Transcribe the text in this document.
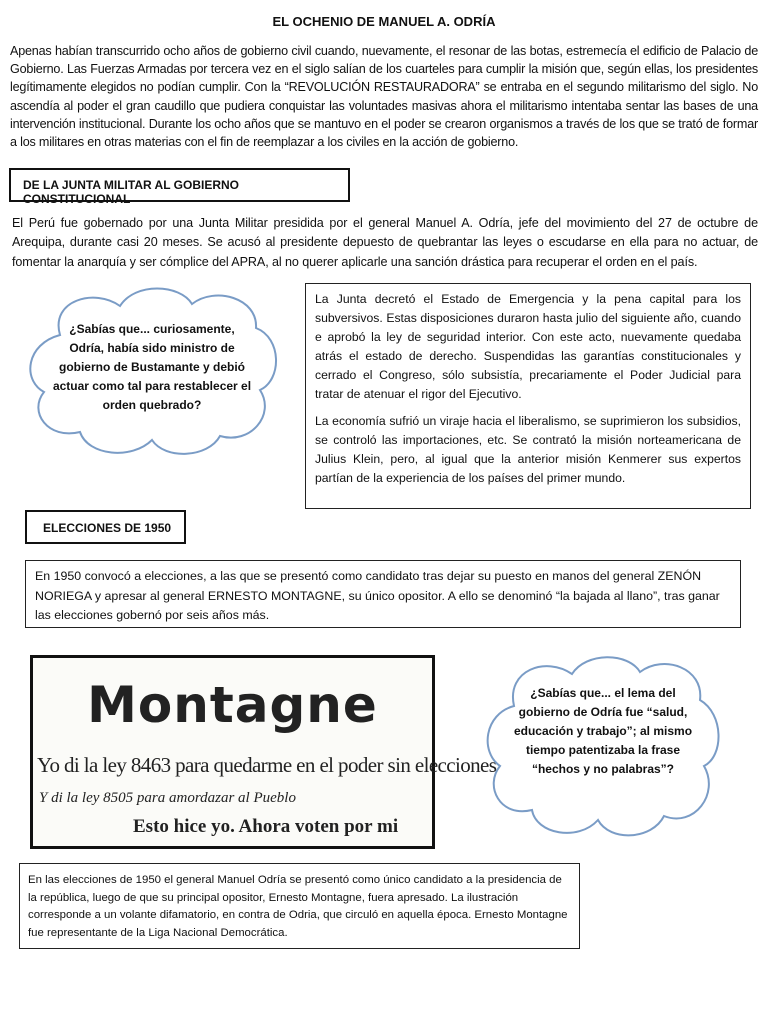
EL OCHENIO DE MANUEL A. ODRÍA
Apenas habían transcurrido ocho años de gobierno civil cuando, nuevamente, el resonar de las botas, estremecía el edificio de Palacio de Gobierno. Las Fuerzas Armadas por tercera vez en el siglo salían de los cuarteles para cumplir la misión que, según ellas, los presidentes legítimamente elegidos no podían cumplir. Con la “REVOLUCIÓN RESTAURADORA” se entraba en el segundo militarismo del siglo. No ascendía al poder el gran caudillo que pudiera conquistar las voluntades masivas ahora el militarismo intentaba sentar las bases de una intervención institucional. Durante los ocho años que se mantuvo en el poder se crearon organismos a través de los que se trató de formar a los militares en otras materias con el fin de reemplazar a los civiles en la acción de gobierno.
DE LA JUNTA MILITAR AL GOBIERNO CONSTITUCIONAL
El Perú fue gobernado por una Junta Militar presidida por el general Manuel A. Odría, jefe del movimiento del 27 de octubre de Arequipa, durante casi 20 meses. Se acusó al presidente depuesto de quebrantar las leyes o escudarse en ella para no actuar, de fomentar la anarquía y ser cómplice del APRA, al no querer aplicarle una sanción drástica para recuperar el orden en el país.
¿Sabías que... curiosamente, Odría, había sido ministro de gobierno de Bustamante y debió actuar como tal para restablecer el orden quebrado?

La Junta decretó el Estado de Emergencia y la pena capital para los subversivos. Estas disposiciones duraron hasta julio del siguiente año, cuando e aprobó la ley de seguridad interior. Con este acto, nuevamente quedaba atrás el estado de derecho. Suspendidas las garantías constitucionales y cerrado el Congreso, sólo subsistía, precariamente el Poder Judicial para tratar de atenuar el rigor del Ejecutivo.

La economía sufrió un viraje hacia el liberalismo, se suprimieron los subsidios, se controló las importaciones, etc. Se contrató la misión norteamericana de Julius Klein, pero, al igual que la anterior misión Kenmerer sus expertos partían de la experiencia de los países del primer mundo.

ELECCIONES DE 1950
En 1950 convocó a elecciones, a las que se presentó como candidato tras dejar su puesto en manos del general ZENÓN NORIEGA y apresar al general ERNESTO MONTAGNE, su único opositor. A ello se denominó “la bajada al llano”, tras ganar las elecciones gobernó por seis años más.
Montagne
Yo di la ley 8463 para quedarme en el poder sin elecciones
Y di la ley 8505 para amordazar al Pueblo
Esto hice yo. Ahora voten por mi
¿Sabías que... el lema del gobierno de Odría fue “salud, educación y trabajo”; al mismo tiempo patentizaba la frase “hechos y no palabras”?
En las elecciones de 1950 el general Manuel Odría se presentó como único candidato a la presidencia de la república, luego de que su principal opositor, Ernesto Montagne, fuera apresado. La ilustración corresponde a un volante difamatorio, en contra de Odria, que circuló en aquella época. Ernesto Montagne fue representante de la Liga Nacional Democrática.
